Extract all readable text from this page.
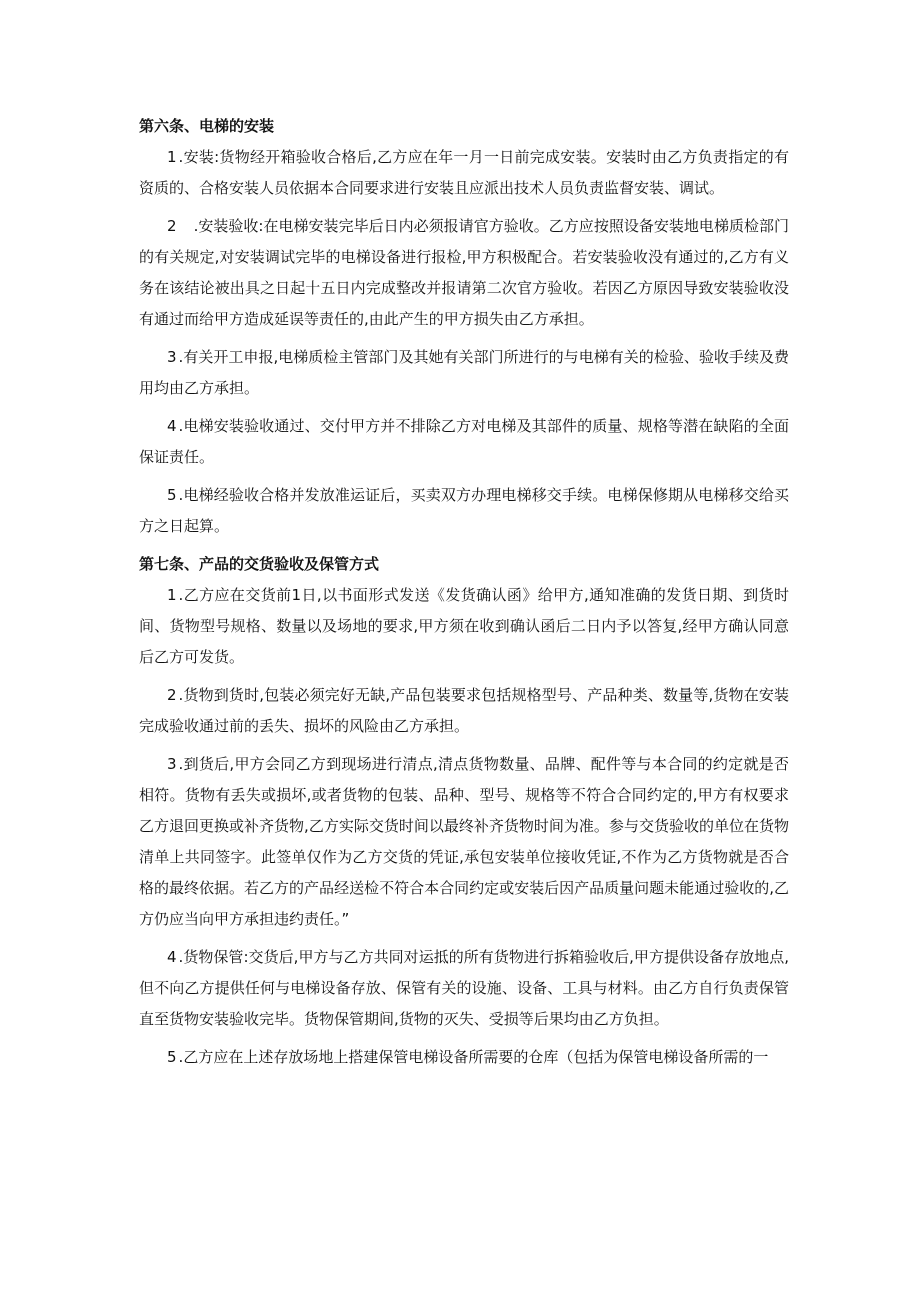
第六条、电梯的安装

1 .安装:货物经开箱验收合格后,乙方应在年一月一日前完成安装。安装时由乙方负责指定的有资质的、合格安装人员依据本合同要求进行安装且应派出技术人员负责监督安装、调试。

2　.安装验收:在电梯安装完毕后日内必须报请官方验收。乙方应按照设备安装地电梯质检部门的有关规定,对安装调试完毕的电梯设备进行报检,甲方积极配合。若安装验收没有通过的,乙方有义务在该结论被出具之日起十五日内完成整改并报请第二次官方验收。若因乙方原因导致安装验收没有通过而给甲方造成延误等责任的,由此产生的甲方损失由乙方承担。

3 .有关开工申报,电梯质检主管部门及其她有关部门所进行的与电梯有关的检验、验收手续及费用均由乙方承担。

4 .电梯安装验收通过、交付甲方并不排除乙方对电梯及其部件的质量、规格等潜在缺陷的全面保证责任。

5 .电梯经验收合格并发放准运证后，买卖双方办理电梯移交手续。电梯保修期从电梯移交给买方之日起算。

第七条、产品的交货验收及保管方式

1 .乙方应在交货前1日,以书面形式发送《发货确认函》给甲方,通知准确的发货日期、到货时间、货物型号规格、数量以及场地的要求,甲方须在收到确认函后二日内予以答复,经甲方确认同意后乙方可发货。

2 .货物到货时,包装必须完好无缺,产品包装要求包括规格型号、产品种类、数量等,货物在安装完成验收通过前的丢失、损坏的风险由乙方承担。

3 .到货后,甲方会同乙方到现场进行清点,清点货物数量、品牌、配件等与本合同的约定就是否相符。货物有丢失或损坏,或者货物的包装、品种、型号、规格等不符合合同约定的,甲方有权要求乙方退回更换或补齐货物,乙方实际交货时间以最终补齐货物时间为准。参与交货验收的单位在货物清单上共同签字。此签单仅作为乙方交货的凭证,承包安装单位接收凭证,不作为乙方货物就是否合格的最终依据。若乙方的产品经送检不符合本合同约定或安装后因产品质量问题未能通过验收的,乙方仍应当向甲方承担违约责任。”

4 .货物保管:交货后,甲方与乙方共同对运抵的所有货物进行拆箱验收后,甲方提供设备存放地点,但不向乙方提供任何与电梯设备存放、保管有关的设施、设备、工具与材料。由乙方自行负责保管直至货物安装验收完毕。货物保管期间,货物的灭失、受损等后果均由乙方负担。

5 .乙方应在上述存放场地上搭建保管电梯设备所需要的仓库（包括为保管电梯设备所需的一
